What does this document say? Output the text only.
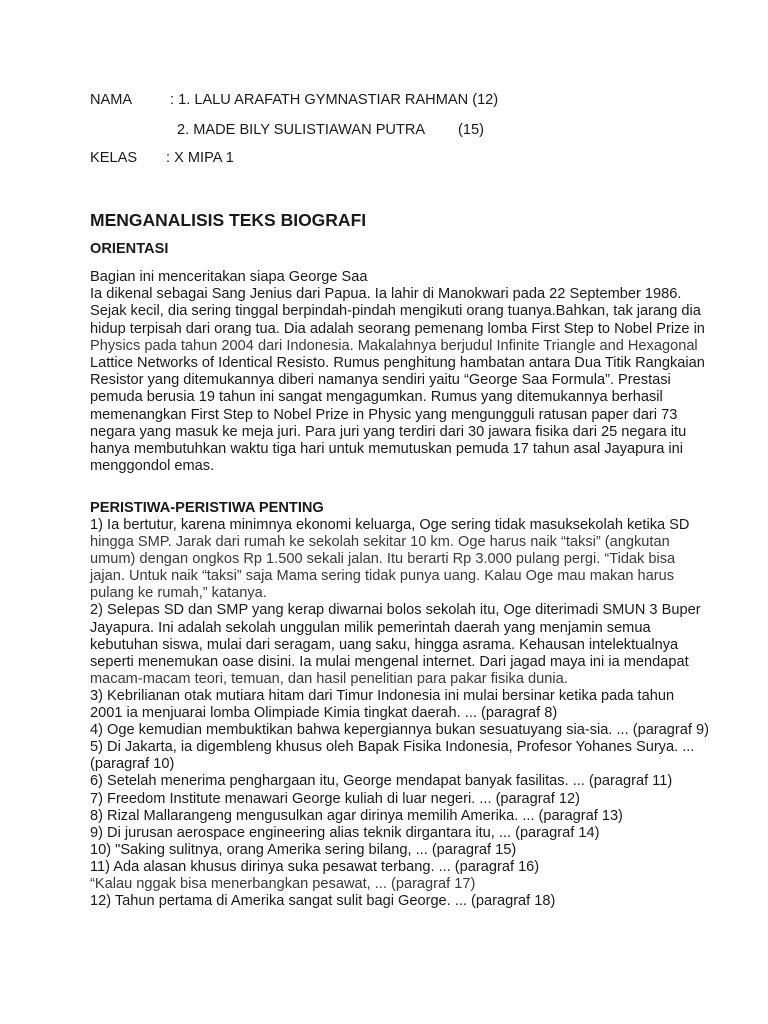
NAMA	: 1. LALU ARAFATH GYMNASTIAR RAHMAN (12)
2. MADE BILY SULISTIAWAN PUTRA (15)
KELAS : X MIPA 1
MENGANALISIS TEKS BIOGRAFI
ORIENTASI
Bagian ini menceritakan siapa George Saa
Ia dikenal sebagai Sang Jenius dari Papua. Ia lahir di Manokwari pada 22 September 1986.
Sejak kecil, dia sering tinggal berpindah-pindah mengikuti orang tuanya.Bahkan, tak jarang dia
hidup terpisah dari orang tua. Dia adalah seorang pemenang lomba First Step to Nobel Prize in
Physics pada tahun 2004 dari Indonesia. Makalahnya berjudul Infinite Triangle and Hexagonal
Lattice Networks of Identical Resisto. Rumus penghitung hambatan antara Dua Titik Rangkaian
Resistor yang ditemukannya diberi namanya sendiri yaitu “George Saa Formula”. Prestasi
pemuda berusia 19 tahun ini sangat mengagumkan. Rumus yang ditemukannya berhasil
memenangkan First Step to Nobel Prize in Physic yang mengungguli ratusan paper dari 73
negara yang masuk ke meja juri. Para juri yang terdiri dari 30 jawara fisika dari 25 negara itu
hanya membutuhkan waktu tiga hari untuk memutuskan pemuda 17 tahun asal Jayapura ini
menggondol emas.
PERISTIWA-PERISTIWA PENTING
1) Ia bertutur, karena minimnya ekonomi keluarga, Oge sering tidak masuksekolah ketika SD
hingga SMP. Jarak dari rumah ke sekolah sekitar 10 km. Oge harus naik “taksi” (angkutan
umum) dengan ongkos Rp 1.500 sekali jalan. Itu berarti Rp 3.000 pulang pergi. “Tidak bisa
jajan. Untuk naik “taksi” saja Mama sering tidak punya uang. Kalau Oge mau makan harus
pulang ke rumah,” katanya.
2) Selepas SD dan SMP yang kerap diwarnai bolos sekolah itu, Oge diterimadi SMUN 3 Buper
Jayapura. Ini adalah sekolah unggulan milik pemerintah daerah yang menjamin semua
kebutuhan siswa, mulai dari seragam, uang saku, hingga asrama. Kehausan intelektualnya
seperti menemukan oase disini. Ia mulai mengenal internet. Dari jagad maya ini ia mendapat
macam-macam teori, temuan, dan hasil penelitian para pakar fisika dunia.
3) Kebrilianan otak mutiara hitam dari Timur Indonesia ini mulai bersinar ketika pada tahun
2001 ia menjuarai lomba Olimpiade Kimia tingkat daerah. ... (paragraf 8)
4) Oge kemudian membuktikan bahwa kepergiannya bukan sesuatuyang sia-sia. ... (paragraf 9)
5) Di Jakarta, ia digembleng khusus oleh Bapak Fisika Indonesia, Profesor Yohanes Surya. ...
(paragraf 10)
6) Setelah menerima penghargaan itu, George mendapat banyak fasilitas. ... (paragraf 11)
7) Freedom Institute menawari George kuliah di luar negeri. ... (paragraf 12)
8) Rizal Mallarangeng mengusulkan agar dirinya memilih Amerika. ... (paragraf 13)
9) Di jurusan aerospace engineering alias teknik dirgantara itu, ... (paragraf 14)
10) "Saking sulitnya, orang Amerika sering bilang, ... (paragraf 15)
11) Ada alasan khusus dirinya suka pesawat terbang. ... (paragraf 16)
“Kalau nggak bisa menerbangkan pesawat, ... (paragraf 17)
12) Tahun pertama di Amerika sangat sulit bagi George. ... (paragraf 18)
